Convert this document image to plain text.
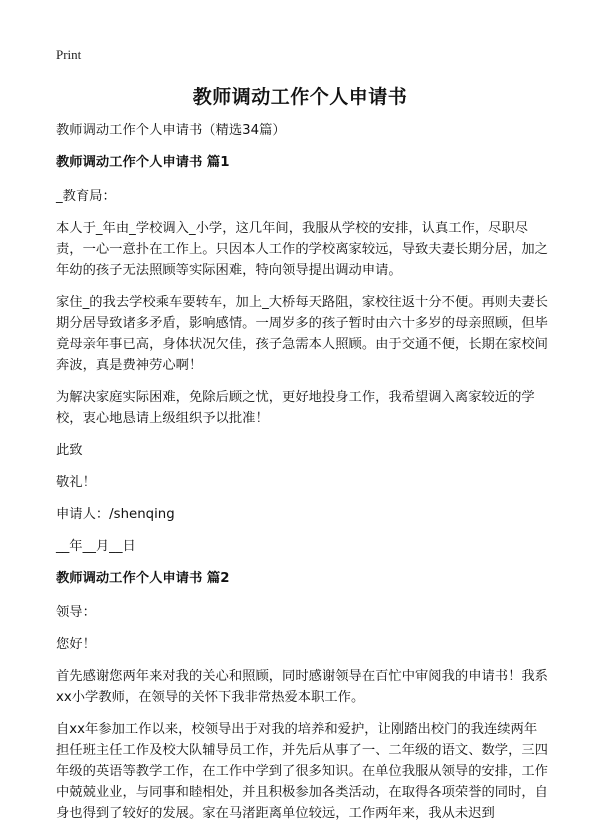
Print
教师调动工作个人申请书

教师调动工作个人申请书（精选34篇）

教师调动工作个人申请书 篇1

_教育局：

本人于_年由_学校调入_小学，这几年间，我服从学校的安排，认真工作，尽职尽责，一心一意扑在工作上。只因本人工作的学校离家较远，导致夫妻长期分居，加之年幼的孩子无法照顾等实际困难，特向领导提出调动申请。

家住_的我去学校乘车要转车，加上_大桥每天路阻，家校往返十分不便。再则夫妻长期分居导致诸多矛盾，影响感情。一周岁多的孩子暂时由六十多岁的母亲照顾，但毕竟母亲年事已高，身体状况欠佳，孩子急需本人照顾。由于交通不便，长期在家校间奔波，真是费神劳心啊！

为解决家庭实际困难，免除后顾之忧，更好地投身工作，我希望调入离家较近的学校，衷心地恳请上级组织予以批准！

此致

敬礼！

申请人：/shenqing

__年__月__日

教师调动工作个人申请书 篇2

领导：

您好！

首先感谢您两年来对我的关心和照顾，同时感谢领导在百忙中审阅我的申请书！我系xx小学教师，在领导的关怀下我非常热爱本职工作。

自xx年参加工作以来，校领导出于对我的培养和爱护，让刚踏出校门的我连续两年担任班主任工作及校大队辅导员工作，并先后从事了一、二年级的语文、数学，三四年级的英语等教学工作，在工作中学到了很多知识。在单位我服从领导的安排，工作中兢兢业业，与同事和睦相处，并且积极参加各类活动，在取得各项荣誉的同时，自身也得到了较好的发展。家在马渚距离单位较远，工作两年来，我从未迟到
